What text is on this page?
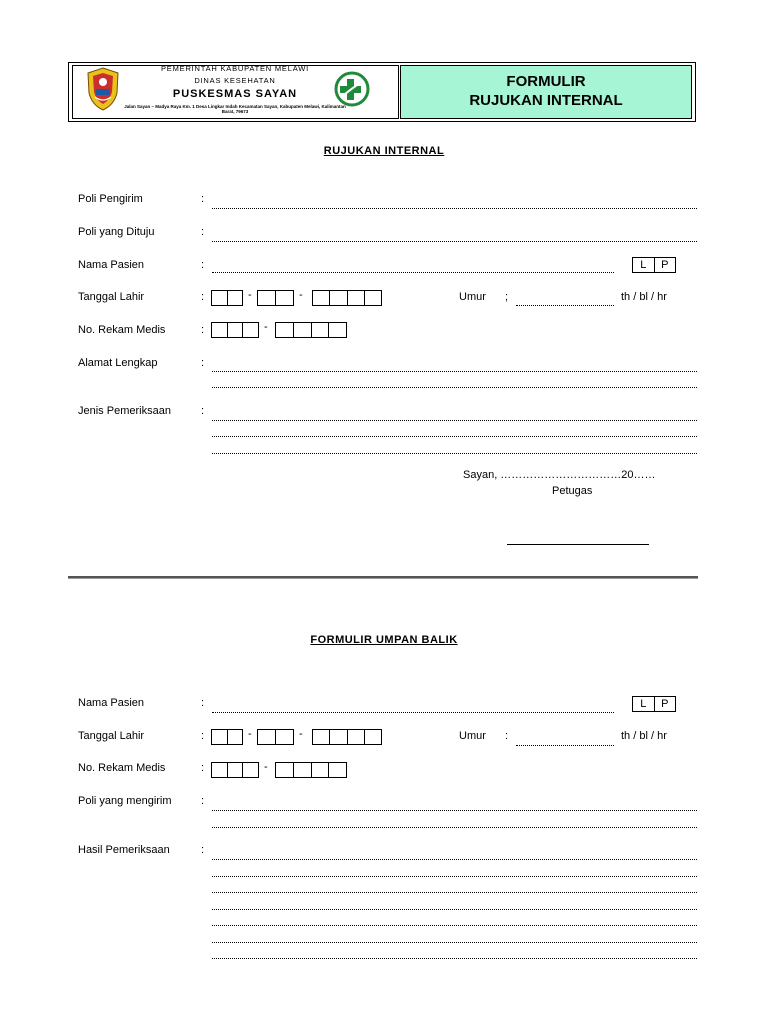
FORMULIR
RUJUKAN INTERNAL
PEMERINTAH KABUPATEN MELAWI
DINAS KESEHATAN
PUSKESMAS SAYAN
Jalan Sayan – Madya Raya Km. 1 Desa Lingkar Indah Kecamatan Sayan, Kabupaten Melawi, Kalimantan Barat, 79673
RUJUKAN INTERNAL
Poli Pengirim	:
Poli yang Dituju	:
Nama Pasien	:	L	P
Tanggal Lahir	:	-	-	Umur ;	th / bl / hr
No. Rekam Medis	:	-
Alamat Lengkap	:
Jenis Pemeriksaan	:
Sayan, ……………………………20……
Petugas
FORMULIR UMPAN BALIK
Nama Pasien	:	L	P
Tanggal Lahir	:	-	-	Umur :	th / bl / hr
No. Rekam Medis	:	-
Poli yang mengirim	:
Hasil Pemeriksaan	:
